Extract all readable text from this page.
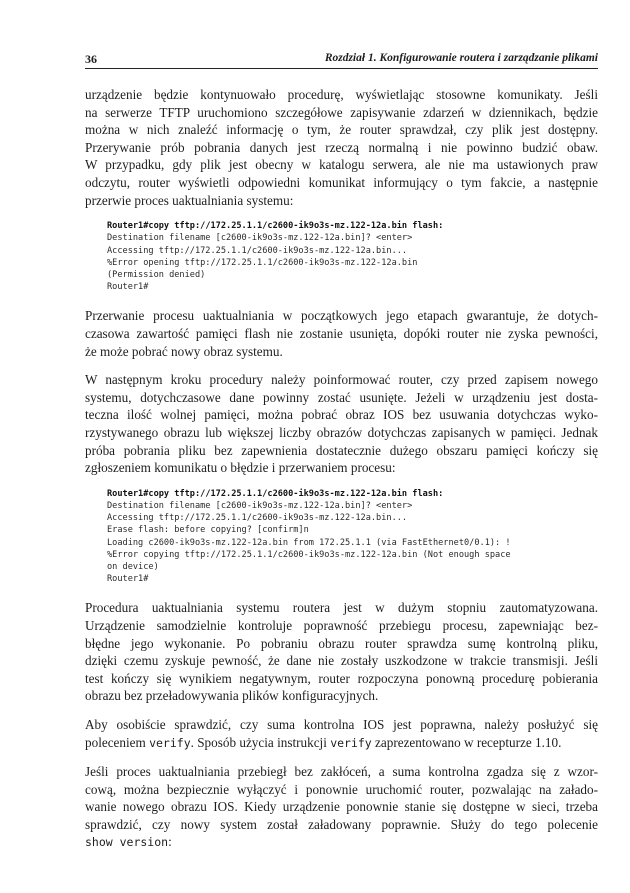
36	Rozdział 1. Konfigurowanie routera i zarządzanie plikami
urządzenie będzie kontynuowało procedurę, wyświetlając stosowne komunikaty. Jeśli
na serwerze TFTP uruchomiono szczegółowe zapisywanie zdarzeń w dziennikach, będzie
można w nich znaleźć informację o tym, że router sprawdzał, czy plik jest dostępny.
Przerywanie prób pobrania danych jest rzeczą normalną i nie powinno budzić obaw.
W przypadku, gdy plik jest obecny w katalogu serwera, ale nie ma ustawionych praw
odczytu, router wyświetli odpowiedni komunikat informujący o tym fakcie, a następnie
przerwie proces uaktualniania systemu:
Router1#copy tftp://172.25.1.1/c2600-ik9o3s-mz.122-12a.bin flash:
Destination filename [c2600-ik9o3s-mz.122-12a.bin]? <enter>
Accessing tftp://172.25.1.1/c2600-ik9o3s-mz.122-12a.bin...
%Error opening tftp://172.25.1.1/c2600-ik9o3s-mz.122-12a.bin
(Permission denied)
Router1#
Przerwanie procesu uaktualniania w początkowych jego etapach gwarantuje, że dotych-
czasowa zawartość pamięci flash nie zostanie usunięta, dopóki router nie zyska pewności,
że może pobrać nowy obraz systemu.
W następnym kroku procedury należy poinformować router, czy przed zapisem nowego
systemu, dotychczasowe dane powinny zostać usunięte. Jeżeli w urządzeniu jest dosta-
teczna ilość wolnej pamięci, można pobrać obraz IOS bez usuwania dotychczas wyko-
rzystywanego obrazu lub większej liczby obrazów dotychczas zapisanych w pamięci. Jednak
próba pobrania pliku bez zapewnienia dostatecznie dużego obszaru pamięci kończy się
zgłoszeniem komunikatu o błędzie i przerwaniem procesu:
Router1#copy tftp://172.25.1.1/c2600-ik9o3s-mz.122-12a.bin flash:
Destination filename [c2600-ik9o3s-mz.122-12a.bin]? <enter>
Accessing tftp://172.25.1.1/c2600-ik9o3s-mz.122-12a.bin...
Erase flash: before copying? [confirm]n
Loading c2600-ik9o3s-mz.122-12a.bin from 172.25.1.1 (via FastEthernet0/0.1): !
%Error copying tftp://172.25.1.1/c2600-ik9o3s-mz.122-12a.bin (Not enough space
on device)
Router1#
Procedura uaktualniania systemu routera jest w dużym stopniu zautomatyzowana.
Urządzenie samodzielnie kontroluje poprawność przebiegu procesu, zapewniając bez-
błędne jego wykonanie. Po pobraniu obrazu router sprawdza sumę kontrolną pliku,
dzięki czemu zyskuje pewność, że dane nie zostały uszkodzone w trakcie transmisji. Jeśli
test kończy się wynikiem negatywnym, router rozpoczyna ponowną procedurę pobierania
obrazu bez przeładowywania plików konfiguracyjnych.
Aby osobiście sprawdzić, czy suma kontrolna IOS jest poprawna, należy posłużyć się
poleceniem verify. Sposób użycia instrukcji verify zaprezentowano w recepturze 1.10.
Jeśli proces uaktualniania przebiegł bez zakłóceń, a suma kontrolna zgadza się z wzor-
cową, można bezpiecznie wyłączyć i ponownie uruchomić router, pozwalając na załado-
wanie nowego obrazu IOS. Kiedy urządzenie ponownie stanie się dostępne w sieci, trzeba
sprawdzić, czy nowy system został załadowany poprawnie. Służy do tego polecenie
show version:
